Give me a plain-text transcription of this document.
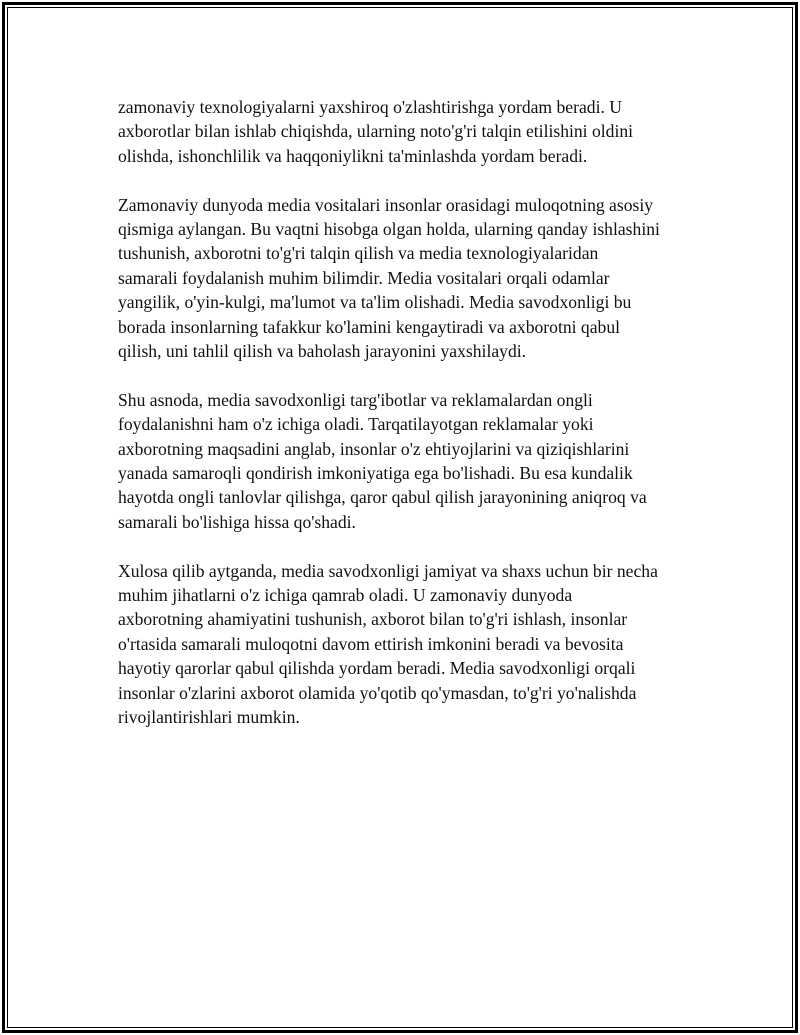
zamonaviy texnologiyalarni yaxshiroq o'zlashtirishga yordam beradi. U
axborotlar bilan ishlab chiqishda, ularning noto'g'ri talqin etilishini oldini
olishda, ishonchlilik va haqqoniylikni ta'minlashda yordam beradi.

Zamonaviy dunyoda media vositalari insonlar orasidagi muloqotning asosiy
qismiga aylangan. Bu vaqtni hisobga olgan holda, ularning qanday ishlashini
tushunish, axborotni to'g'ri talqin qilish va media texnologiyalaridan
samarali foydalanish muhim bilimdir. Media vositalari orqali odamlar
yangilik, o'yin-kulgi, ma'lumot va ta'lim olishadi. Media savodxonligi bu
borada insonlarning tafakkur ko'lamini kengaytiradi va axborotni qabul
qilish, uni tahlil qilish va baholash jarayonini yaxshilaydi.

Shu asnoda, media savodxonligi targ'ibotlar va reklamalardan ongli
foydalanishni ham o'z ichiga oladi. Tarqatilayotgan reklamalar yoki
axborotning maqsadini anglab, insonlar o'z ehtiyojlarini va qiziqishlarini
yanada samaroqli qondirish imkoniyatiga ega bo'lishadi. Bu esa kundalik
hayotda ongli tanlovlar qilishga, qaror qabul qilish jarayonining aniqroq va
samarali bo'lishiga hissa qo'shadi.

Xulosa qilib aytganda, media savodxonligi jamiyat va shaxs uchun bir necha
muhim jihatlarni o'z ichiga qamrab oladi. U zamonaviy dunyoda
axborotning ahamiyatini tushunish, axborot bilan to'g'ri ishlash, insonlar
o'rtasida samarali muloqotni davom ettirish imkonini beradi va bevosita
hayotiy qarorlar qabul qilishda yordam beradi. Media savodxonligi orqali
insonlar o'zlarini axborot olamida yo'qotib qo'ymasdan, to'g'ri yo'nalishda
rivojlantirishlari mumkin.
